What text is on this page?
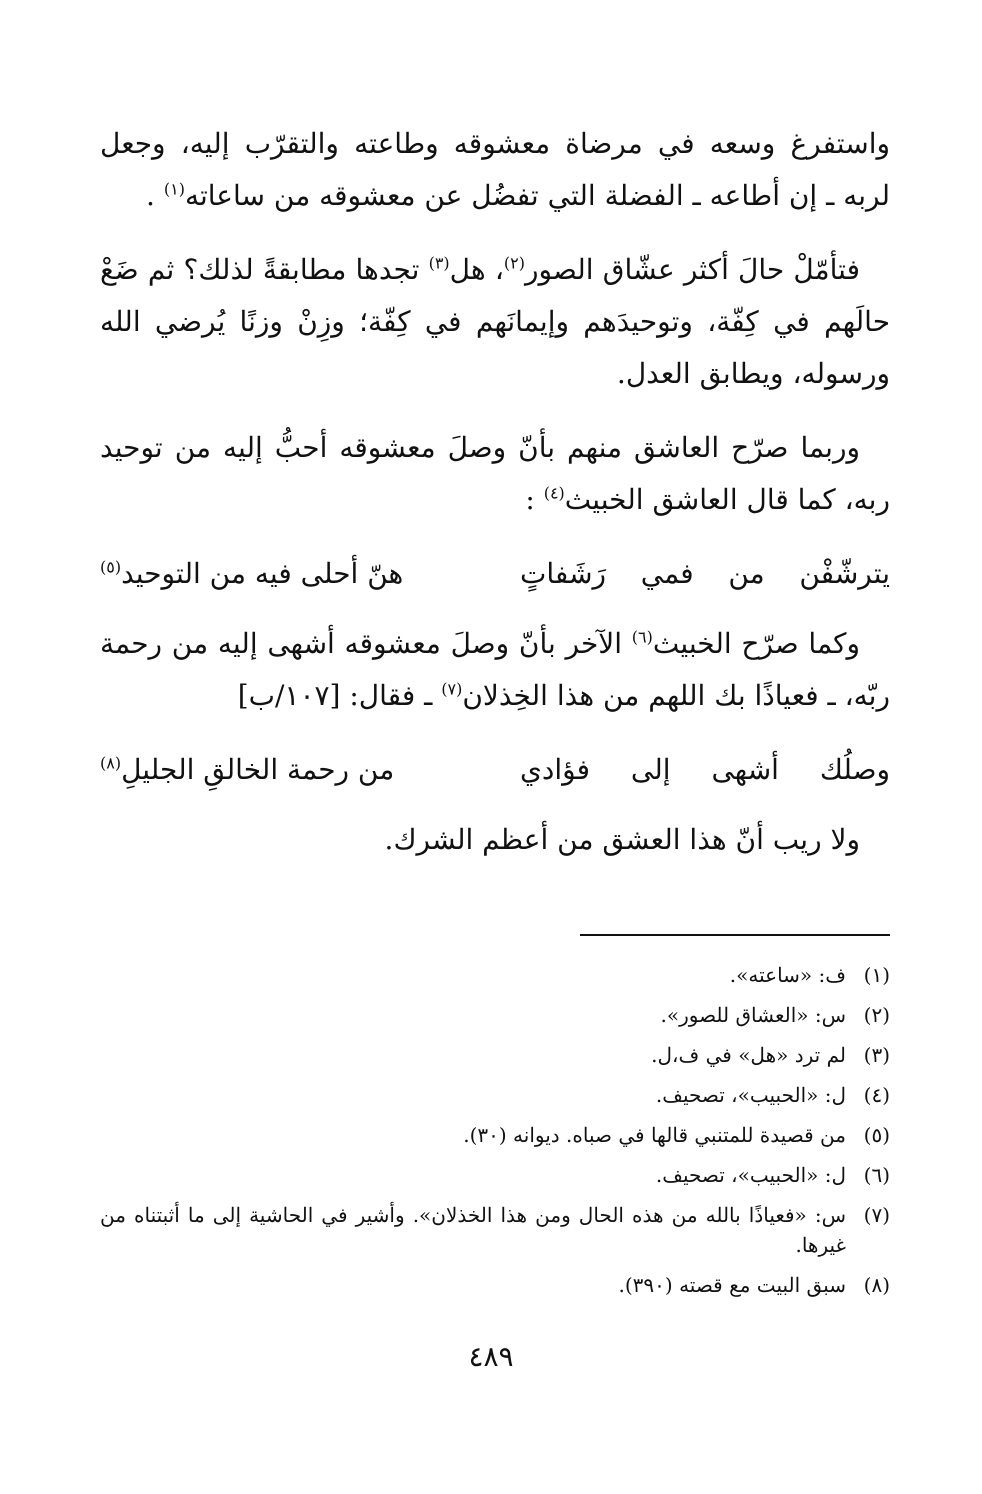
واستفرغ وسعه في مرضاة معشوقه وطاعته والتقرّب إليه، وجعل لربه ـ إن أطاعه ـ الفضلة التي تفضُل عن معشوقه من ساعاته$^{(١)}$ .
فتأمّلْ حالَ أكثر عشّاق الصور$^{(٢)}$، هل$^{(٣)}$ تجدها مطابقةً لذلك؟ ثم ضَعْ حالَهم في كِفّة، وتوحيدَهم وإيمانَهم في كِفّة؛ وزِنْ وزنًا يُرضي الله ورسوله، ويطابق العدل.
وربما صرّح العاشق منهم بأنّ وصلَ معشوقه أحبُّ إليه من توحيد ربه، كما قال العاشق الخبيث$^{(٤)}$ :
يترشّفْن
من
فمي
رَشَفاتٍ
هنّ أحلى فيه من التوحيد$^{(٥)}$
وكما صرّح الخبيث$^{(٦)}$ الآخر بأنّ وصلَ معشوقه أشهى إليه من رحمة ربّه، ـ فعياذًا بك اللهم من هذا الخِذلان$^{(٧)}$ ـ فقال: [١٠٧/ب]
وصلُك
أشهى
إلى
فؤادي
من رحمة الخالقِ الجليلِ$^{(٨)}$
ولا ريب أنّ هذا العشق من أعظم الشرك.
(١)
ف: «ساعته».
(٢)
س: «العشاق للصور».
(٣)
لم ترد «هل» في ف،ل.
(٤)
ل: «الحبيب»، تصحيف.
(٥)
من قصيدة للمتنبي قالها في صباه. ديوانه (٣٠).
(٦)
ل: «الحبيب»، تصحيف.
(٧)
س: «فعياذًا بالله من هذه الحال ومن هذا الخذلان». وأشير في الحاشية إلى ما أثبتناه من غيرها.
(٨)
سبق البيت مع قصته (٣٩٠).
٤٨٩
